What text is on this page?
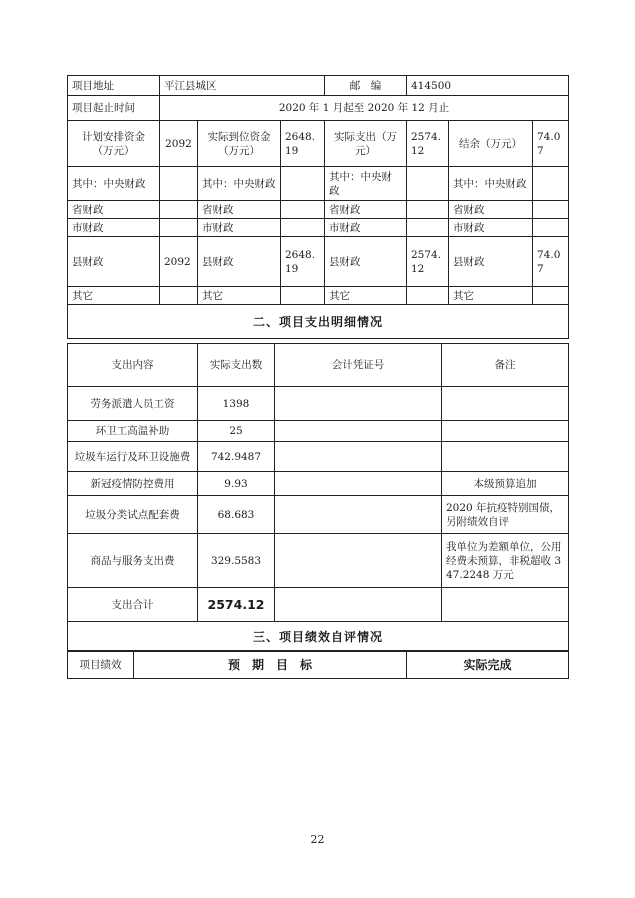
项目地址	平江县城区			邮　编	414500		
项目起止时间	2020 年 1 月起至 2020 年 12 月止						
计划安排资金（万元）	2092	实际到位资金（万元）	2648.19	实际支出（万元）	2574.12	结余（万元）	74.07
其中：中央财政		其中：中央财政		其中：中央财政		其中：中央财政	
省财政		省财政		省财政		省财政	
市财政		市财政		市财政		市财政	
县财政	2092	县财政	2648.19	县财政	2574.12	县财政	74.07
其它		其它		其它		其它	
二、项目支出明细情况							
支出内容	实际支出数	会计凭证号	备注
劳务派遣人员工资	1398		
环卫工高温补助	25		
垃圾车运行及环卫设施费	742.9487		
新冠疫情防控费用	9.93		本级预算追加
垃圾分类试点配套费	68.683		2020 年抗疫特别国债，另附绩效自评
商品与服务支出费	329.5583		我单位为差额单位，公用经费未预算，非税超收 347.2248 万元
支出合计	2574.12		
三、项目绩效自评情况			
项目绩效	预　期　目　标	实际完成
22
